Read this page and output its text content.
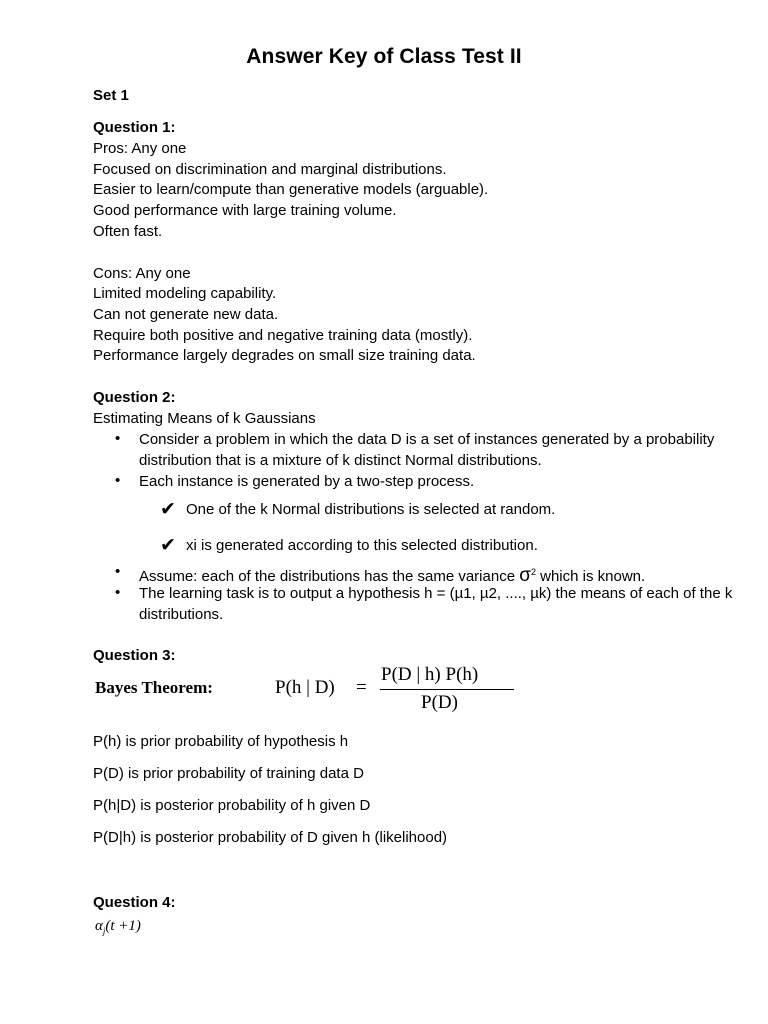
Answer Key of Class Test II
Set 1
Question 1:
Pros: Any one
Focused on discrimination and marginal distributions.
Easier to learn/compute than generative models (arguable).
Good performance with large training volume.
Often fast.
Cons: Any one
Limited modeling capability.
Can not generate new data.
Require both positive and negative training data (mostly).
Performance largely degrades on small size training data.
Question 2:
Estimating Means of k Gaussians
• Consider a problem in which the data D is a set of instances generated by a probability distribution that is a mixture of k distinct Normal distributions.
• Each instance is generated by a two-step process.
✔ One of the k Normal distributions is selected at random.
✔ xi is generated according to this selected distribution.
• Assume: each of the distributions has the same variance $\sigma^2$ which is known.
• The learning task is to output a hypothesis h = (µ1, µ2, ...., µk) the means of each of the k distributions.
Question 3:
Bayes Theorem:	P(h | D) =
P(D | h) P(h)
P(D)
P(h) is prior probability of hypothesis h
P(D) is prior probability of training data D
P(h|D) is posterior probability of h given D
P(D|h) is posterior probability of D given h (likelihood)
Question 4:
$\alpha_j(t +1)$
